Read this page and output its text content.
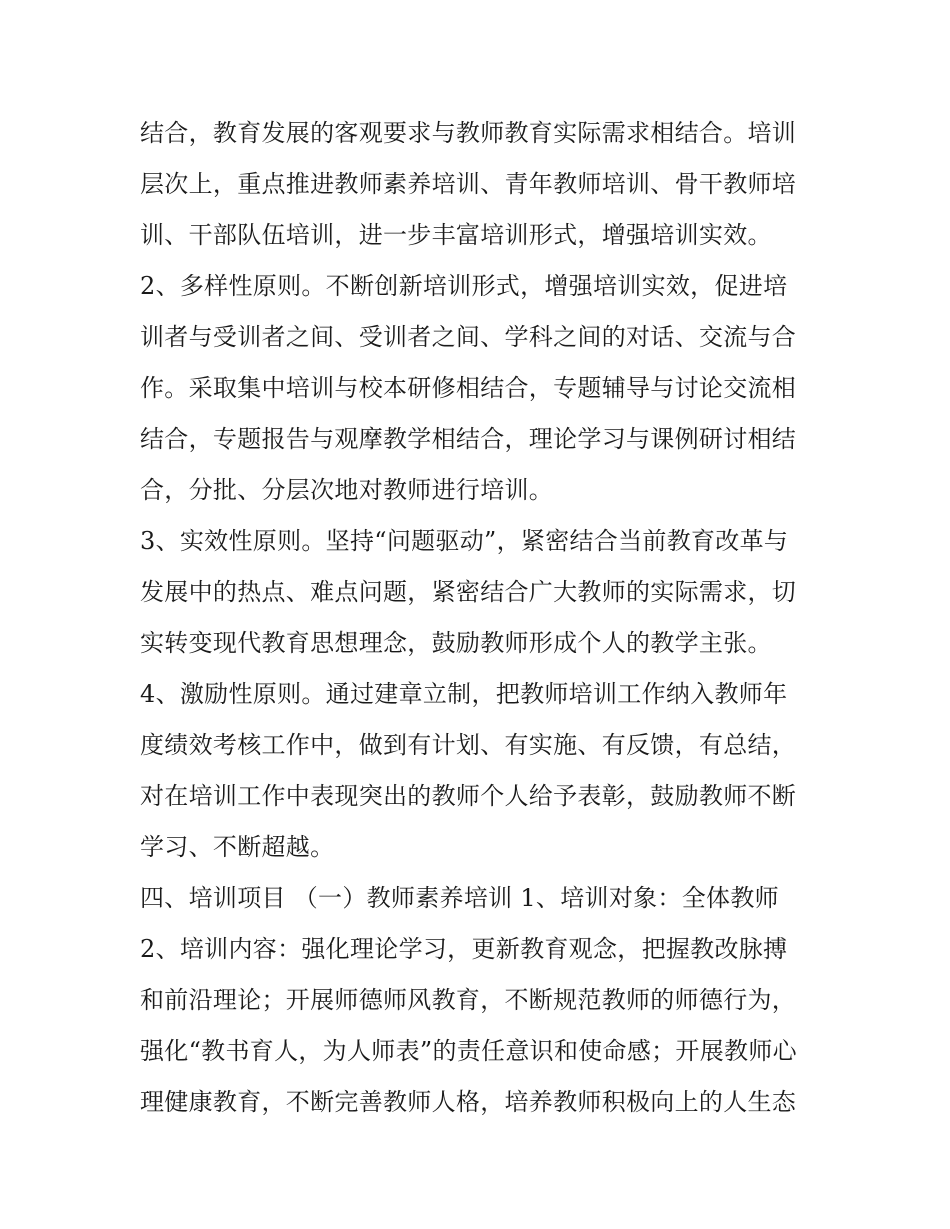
结合，教育发展的客观要求与教师教育实际需求相结合。培训
层次上，重点推进教师素养培训、青年教师培训、骨干教师培
训、干部队伍培训，进一步丰富培训形式，增强培训实效。
2、多样性原则。不断创新培训形式，增强培训实效，促进培
训者与受训者之间、受训者之间、学科之间的对话、交流与合
作。采取集中培训与校本研修相结合，专题辅导与讨论交流相
结合，专题报告与观摩教学相结合，理论学习与课例研讨相结
合，分批、分层次地对教师进行培训。
3、实效性原则。坚持“问题驱动”，紧密结合当前教育改革与
发展中的热点、难点问题，紧密结合广大教师的实际需求，切
实转变现代教育思想理念，鼓励教师形成个人的教学主张。
4、激励性原则。通过建章立制，把教师培训工作纳入教师年
度绩效考核工作中，做到有计划、有实施、有反馈，有总结，
对在培训工作中表现突出的教师个人给予表彰，鼓励教师不断
学习、不断超越。
四、培训项目 （一）教师素养培训 1、培训对象：全体教师
2、培训内容：强化理论学习，更新教育观念，把握教改脉搏
和前沿理论；开展师德师风教育，不断规范教师的师德行为，
强化“教书育人，为人师表”的责任意识和使命感；开展教师心
理健康教育，不断完善教师人格，培养教师积极向上的人生态
